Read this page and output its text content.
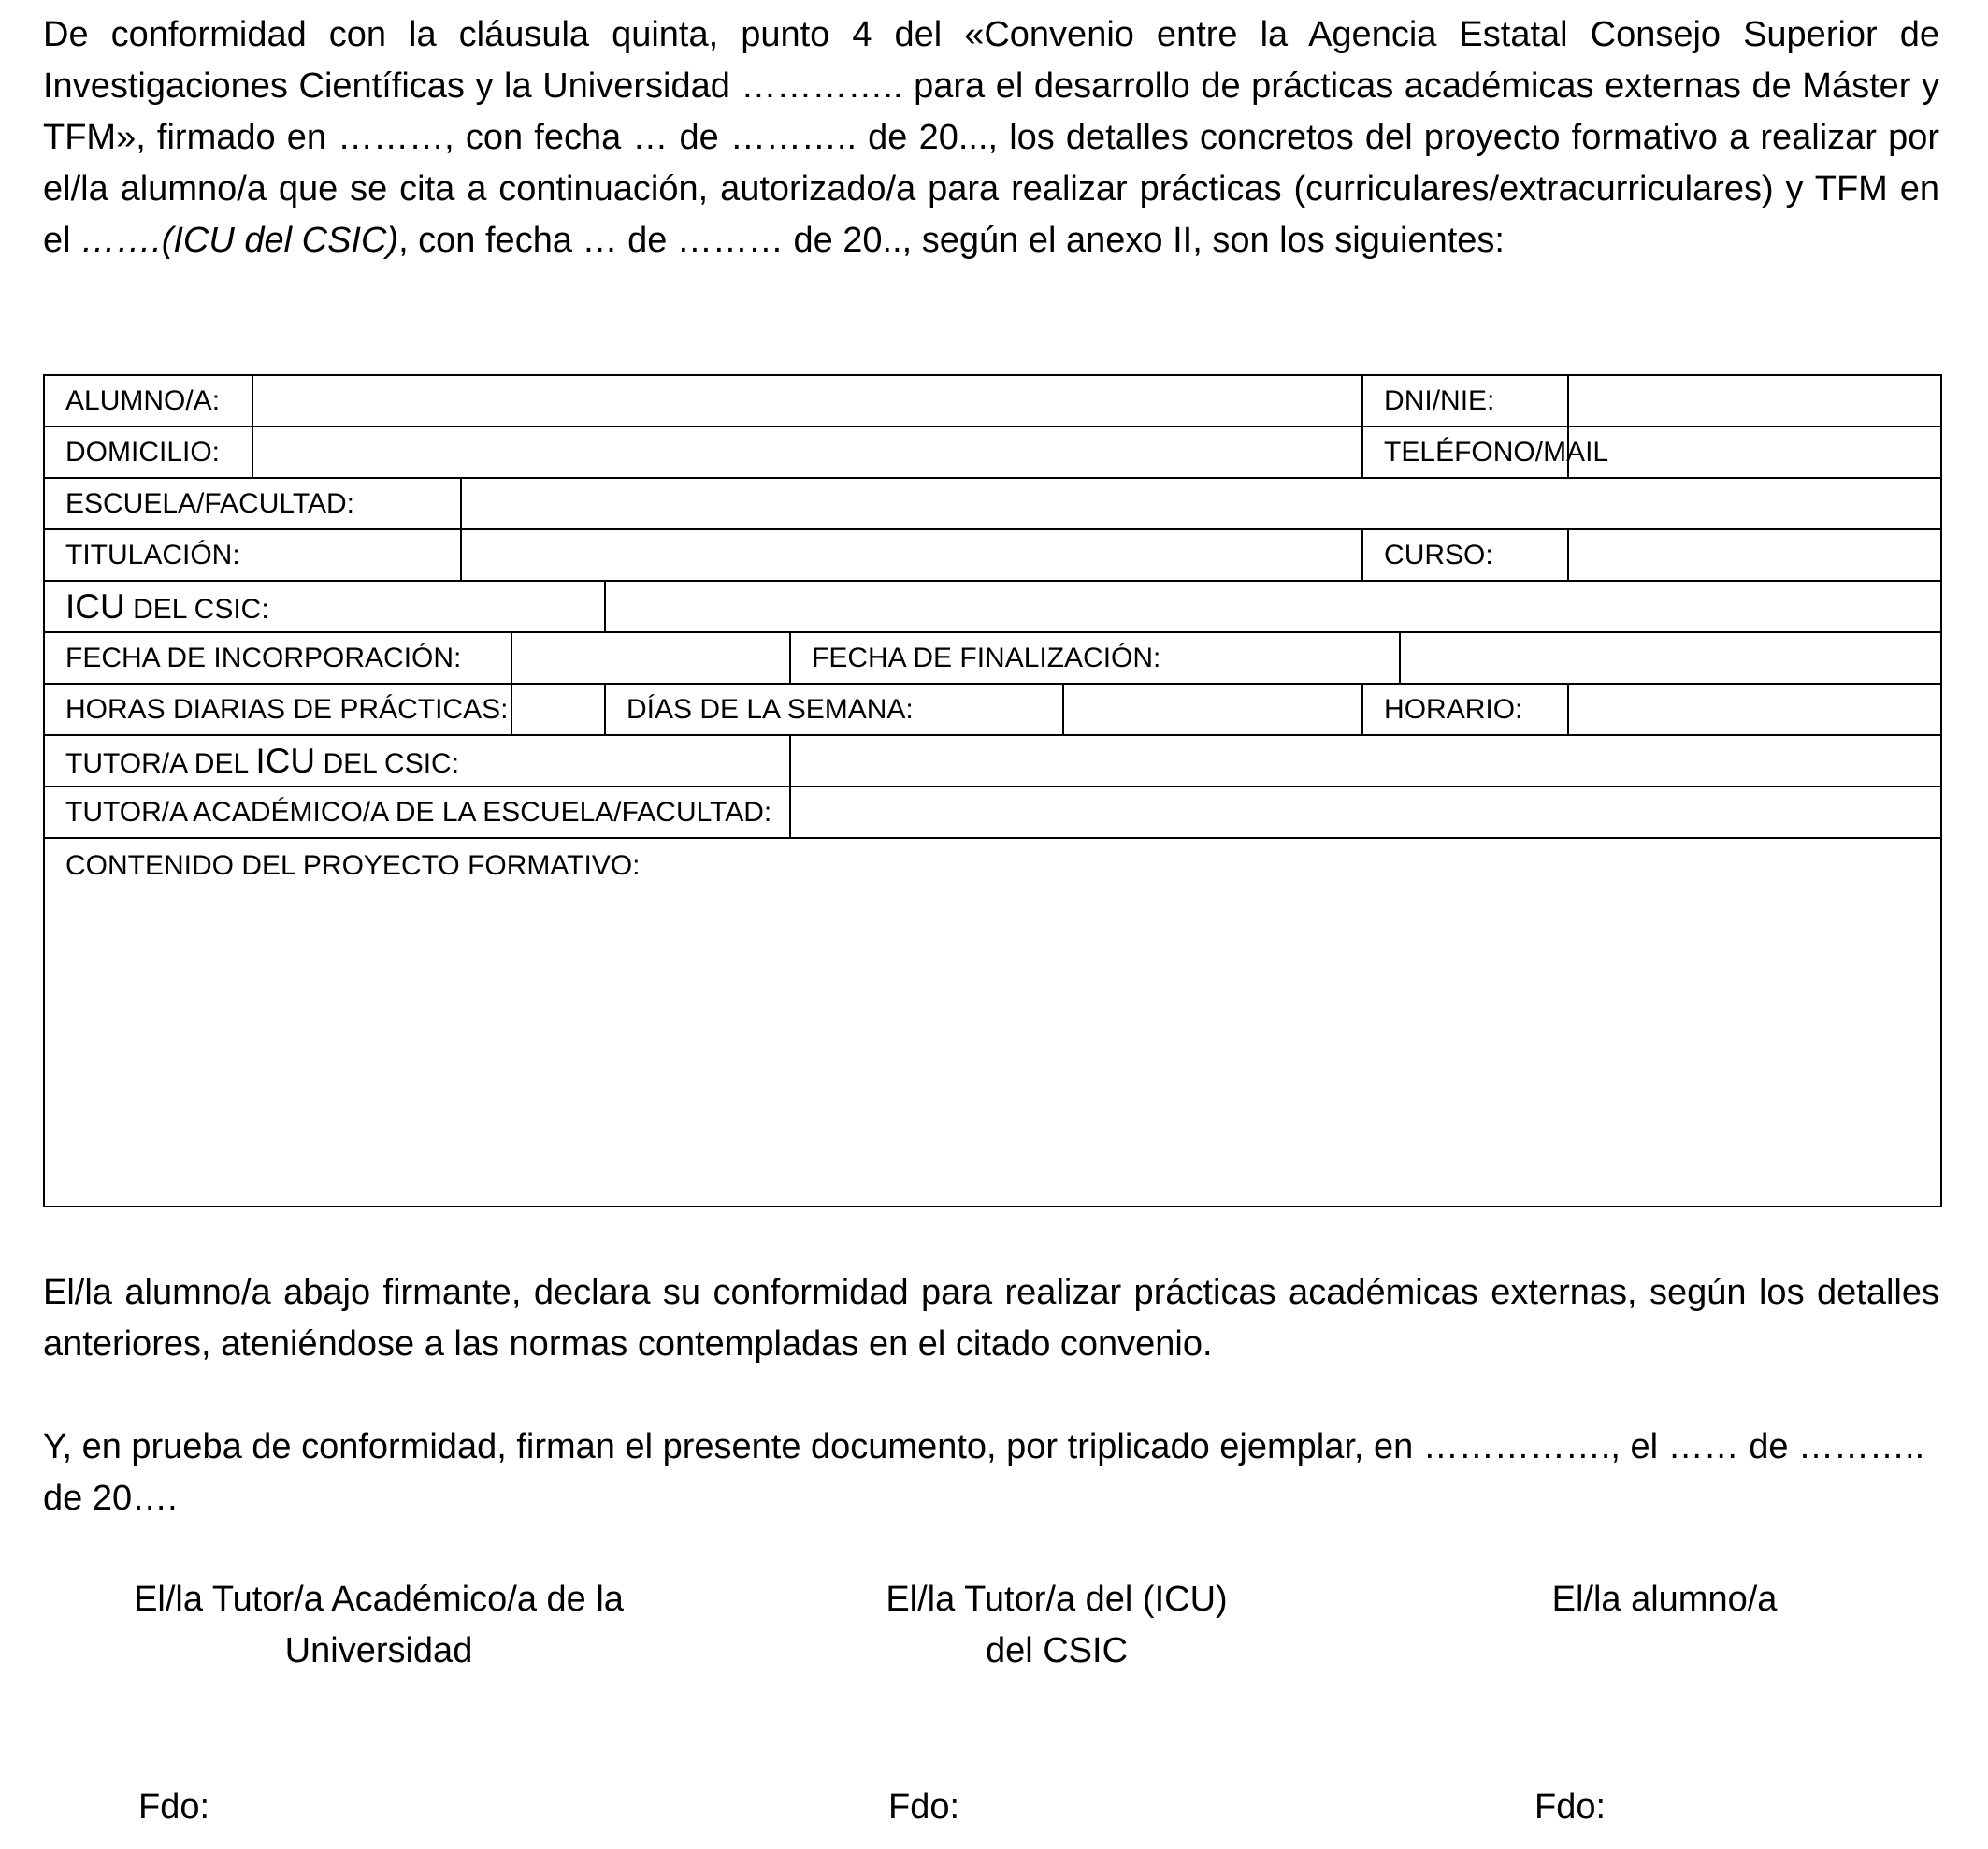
De conformidad con la cláusula quinta, punto 4 del «Convenio entre la Agencia Estatal Consejo Superior de Investigaciones Científicas y la Universidad ………….. para el desarrollo de prácticas académicas externas de Máster y TFM», firmado en ………, con fecha … de ……….. de 20..., los detalles concretos del proyecto formativo a realizar por el/la alumno/a que se cita a continuación, autorizado/a para realizar prácticas (curriculares/extracurriculares) y TFM en el …….(ICU del CSIC), con fecha … de ……… de 20.., según el anexo II, son los siguientes:

ALUMNO/A:							DNI/NIE:		
DOMICILIO:							TELÉFONO/MAIL		
ESCUELA/FACULTAD:									
TITULACIÓN:							CURSO:		
ICU DEL CSIC:									
FECHA DE INCORPORACIÓN:					FECHA DE FINALIZACIÓN:				
HORAS DIARIAS DE PRÁCTICAS:				DÍAS DE LA SEMANA:			HORARIO:		
TUTOR/A DEL ICU DEL CSIC:									
TUTOR/A ACADÉMICO/A DE LA ESCUELA/FACULTAD:									
CONTENIDO DEL PROYECTO FORMATIVO:									

El/la alumno/a abajo firmante, declara su conformidad para realizar prácticas académicas externas, según los detalles anteriores, ateniéndose a las normas contempladas en el citado convenio.

Y, en prueba de conformidad, firman el presente documento, por triplicado ejemplar, en ……………., el …… de ……….. de 20….

El/la Tutor/a Académico/a de la
Universidad
El/la Tutor/a del (ICU)
del CSIC
El/la alumno/a
Fdo:	Fdo:	Fdo:
